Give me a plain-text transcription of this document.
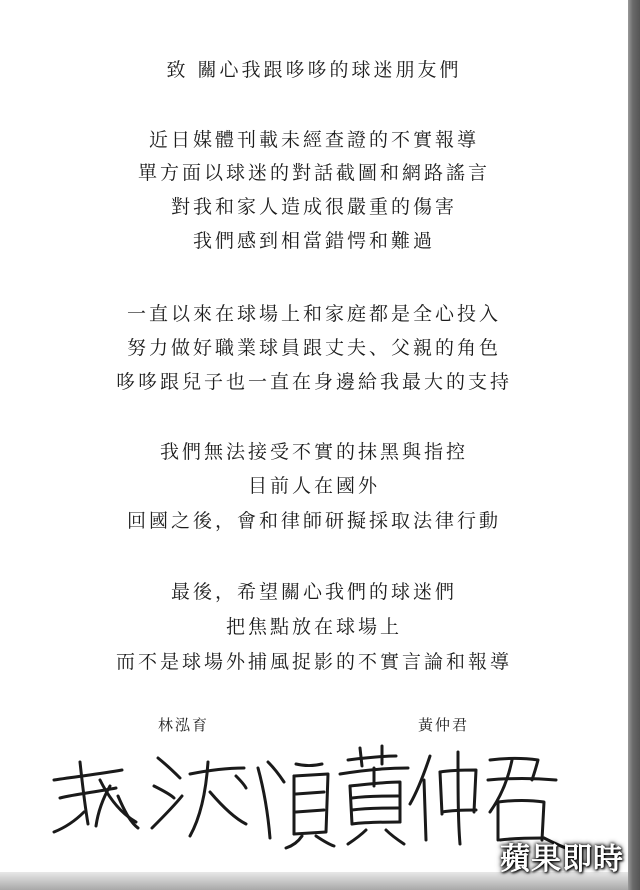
致 關心我跟哆哆的球迷朋友們
近日媒體刊載未經查證的不實報導
單方面以球迷的對話截圖和網路謠言
對我和家人造成很嚴重的傷害
我們感到相當錯愕和難過
一直以來在球場上和家庭都是全心投入
努力做好職業球員跟丈夫、父親的角色
哆哆跟兒子也一直在身邊給我最大的支持
我們無法接受不實的抹黑與指控
目前人在國外
回國之後，會和律師研擬採取法律行動
最後，希望關心我們的球迷們
把焦點放在球場上
而不是球場外捕風捉影的不實言論和報導
林泓育	黃仲君
蘋果即時
